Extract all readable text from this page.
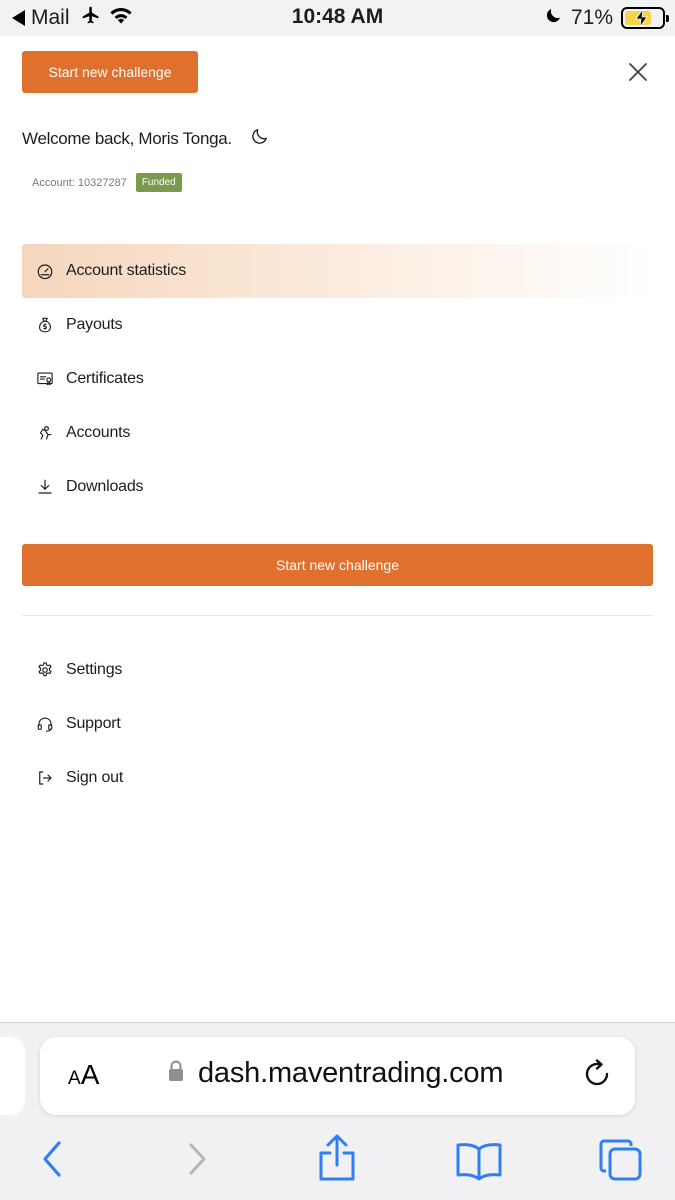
Mail	10:48 AM	71%
Start new challenge
Welcome back, Moris Tonga.
Account: 10327287	Funded
Account statistics
Payouts
Certificates
Accounts
Downloads
Start new challenge
Settings
Support
Sign out
AA	dash.maventrading.com
